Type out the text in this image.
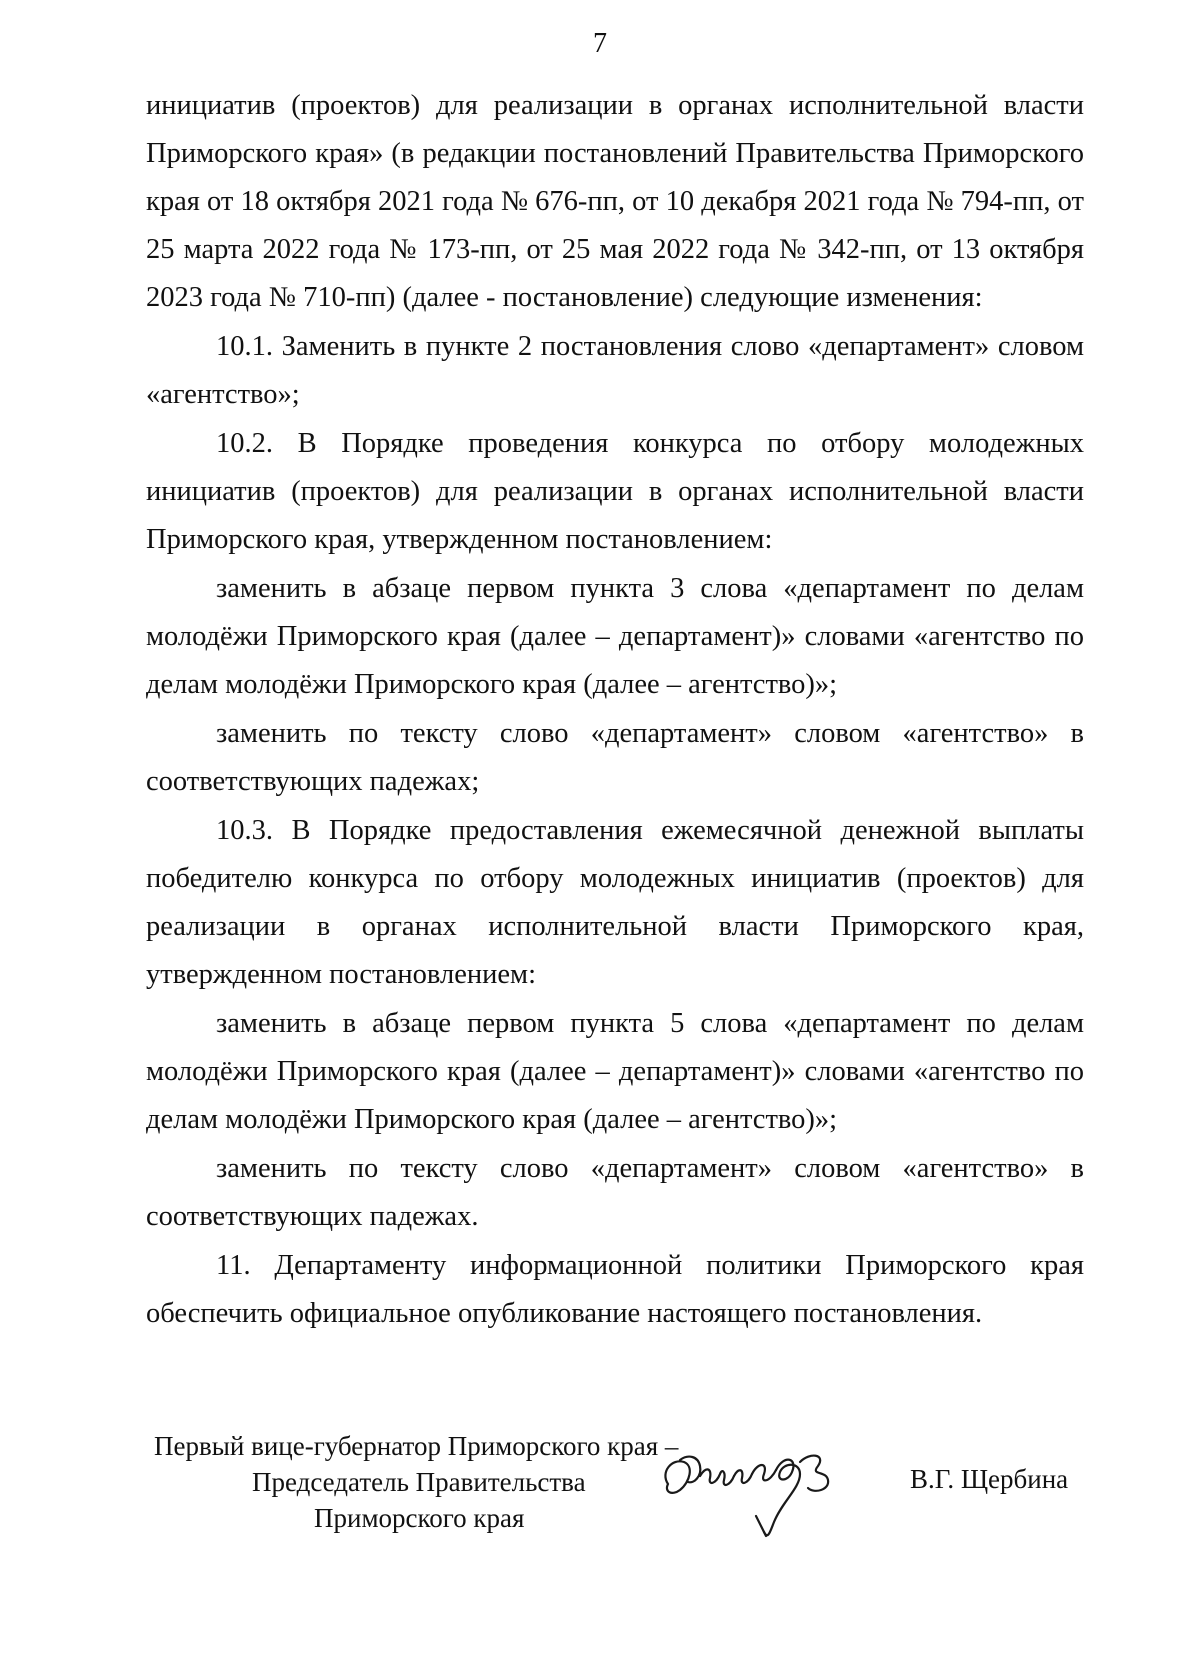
7

инициатив (проектов) для реализации в органах исполнительной власти Приморского края» (в редакции постановлений Правительства Приморского края от 18 октября 2021 года № 676-пп, от 10 декабря 2021 года № 794-пп, от 25 марта 2022 года № 173-пп, от 25 мая 2022 года № 342-пп, от 13 октября 2023 года № 710-пп) (далее - постановление) следующие изменения:

10.1. Заменить в пункте 2 постановления слово «департамент» словом «агентство»;

10.2. В Порядке проведения конкурса по отбору молодежных инициатив (проектов) для реализации в органах исполнительной власти Приморского края, утвержденном постановлением:

заменить в абзаце первом пункта 3 слова «департамент по делам молодёжи Приморского края (далее – департамент)» словами «агентство по делам молодёжи Приморского края (далее – агентство)»;

заменить по тексту слово «департамент» словом «агентство» в соответствующих падежах;

10.3. В Порядке предоставления ежемесячной денежной выплаты победителю конкурса по отбору молодежных инициатив (проектов) для реализации в органах исполнительной власти Приморского края, утвержденном постановлением:

заменить в абзаце первом пункта 5 слова «департамент по делам молодёжи Приморского края (далее – департамент)» словами «агентство по делам молодёжи Приморского края (далее – агентство)»;

заменить по тексту слово «департамент» словом «агентство» в соответствующих падежах.

11. Департаменту информационной политики Приморского края обеспечить официальное опубликование настоящего постановления.

Первый вице-губернатор Приморского края –
Председатель Правительства
Приморского края
В.Г. Щербина
